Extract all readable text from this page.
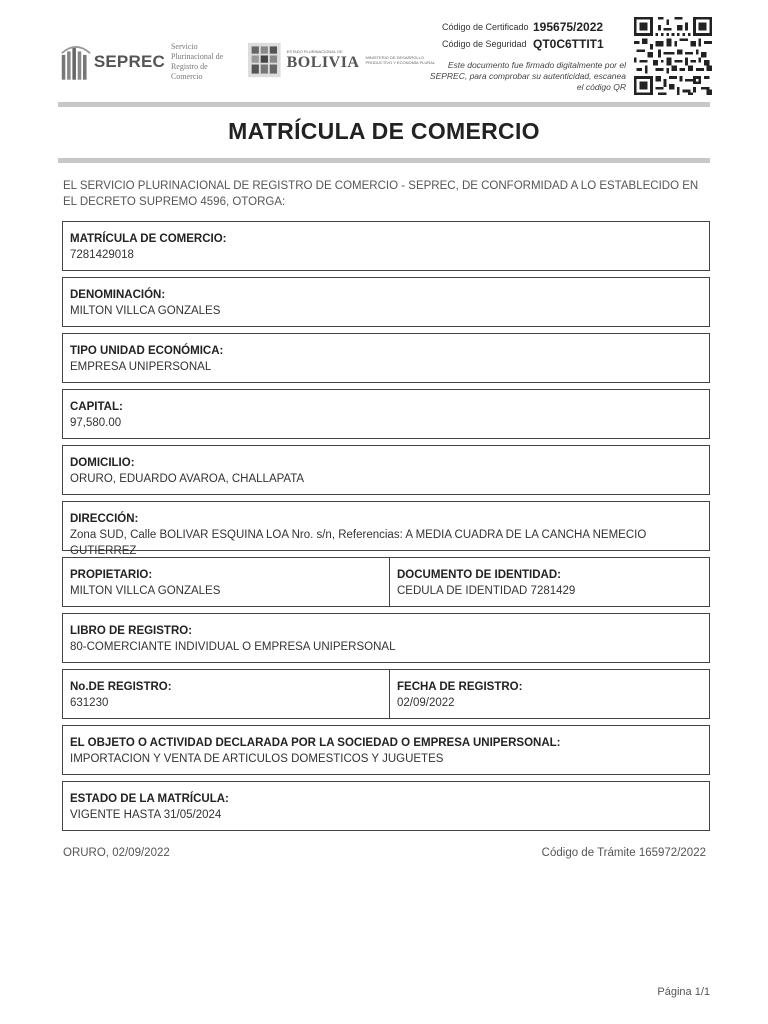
SEPREC
Servicio Plurinacional de Registro de Comercio
ESTADO PLURINACIONAL DE
BOLIVIA MINISTERIO DE DESARROLLO PRODUCTIVO Y ECONOMÍA PLURAL
Código de Certificado 195675/2022
Código de Seguridad QT0C6TTIT1
Este documento fue firmado digitalmente por el SEPREC, para comprobar su autenticidad, escanea el código QR
MATRÍCULA DE COMERCIO
EL SERVICIO PLURINACIONAL DE REGISTRO DE COMERCIO - SEPREC, DE CONFORMIDAD A LO ESTABLECIDO EN EL DECRETO SUPREMO 4596, OTORGA:
MATRÍCULA DE COMERCIO:
7281429018
DENOMINACIÓN:
MILTON VILLCA GONZALES
TIPO UNIDAD ECONÓMICA:
EMPRESA UNIPERSONAL
CAPITAL:
97,580.00
DOMICILIO:
ORURO, EDUARDO AVAROA, CHALLAPATA
DIRECCIÓN:
Zona SUD, Calle BOLIVAR ESQUINA LOA Nro. s/n, Referencias: A MEDIA CUADRA DE LA CANCHA NEMECIO GUTIERREZ
PROPIETARIO:
MILTON VILLCA GONZALES
DOCUMENTO DE IDENTIDAD:
CEDULA DE IDENTIDAD 7281429
LIBRO DE REGISTRO:
80-COMERCIANTE INDIVIDUAL O EMPRESA UNIPERSONAL
No.DE REGISTRO:
631230
FECHA DE REGISTRO:
02/09/2022
EL OBJETO O ACTIVIDAD DECLARADA POR LA SOCIEDAD O EMPRESA UNIPERSONAL:
IMPORTACION Y VENTA DE ARTICULOS DOMESTICOS Y JUGUETES
ESTADO DE LA MATRÍCULA:
VIGENTE HASTA 31/05/2024
ORURO, 02/09/2022	Código de Trámite 165972/2022
Página 1/1
